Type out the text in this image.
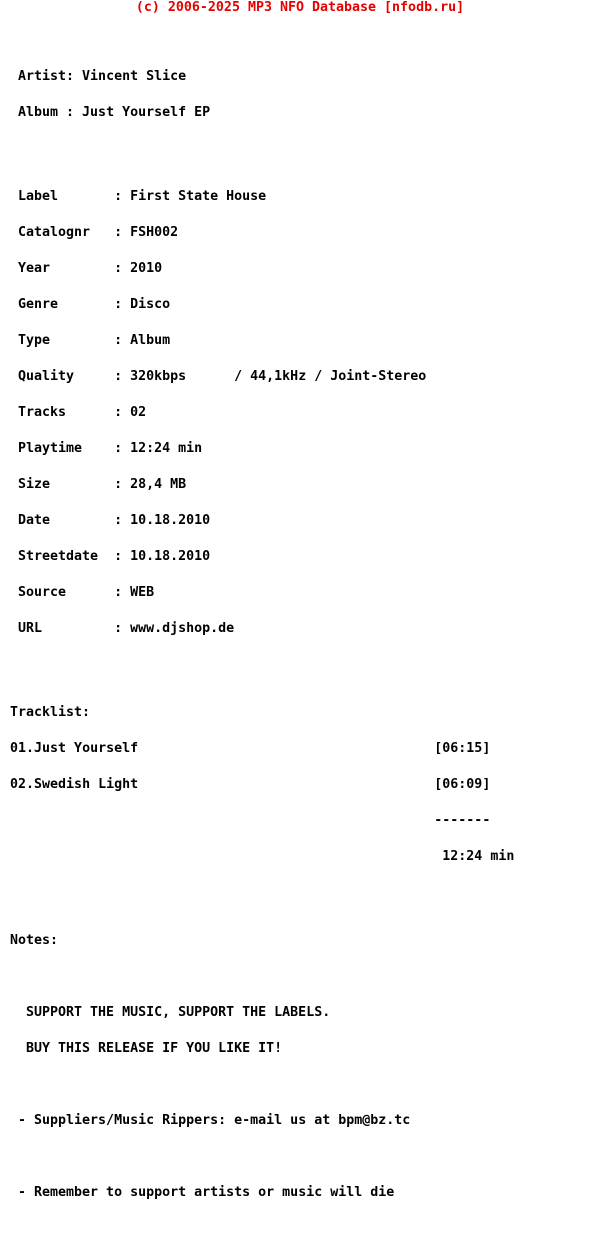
(c) 2006-2025 MP3 NFO Database [nfodb.ru]

Artist: Vincent Slice

Album : Just Yourself EP

Label	: First State House

Catalognr : FSH002

Year	: 2010

Genre	: Disco

Type	: Album

Quality	: 320kbps      / 44,1kHz / Joint-Stereo

Tracks	: 02

Playtime : 12:24 min

Size	: 28,4 MB

Date	: 10.18.2010

Streetdate : 10.18.2010

Source	: WEB

URL	: www.djshop.de

Tracklist:

01.Just Yourself	[06:15]

02.Swedish Light	[06:09]

-------

12:24 min

Notes:

SUPPORT THE MUSIC, SUPPORT THE LABELS.

BUY THIS RELEASE IF YOU LIKE IT!

- Suppliers/Music Rippers: e-mail us at bpm@bz.tc

- Remember to support artists or music will die
